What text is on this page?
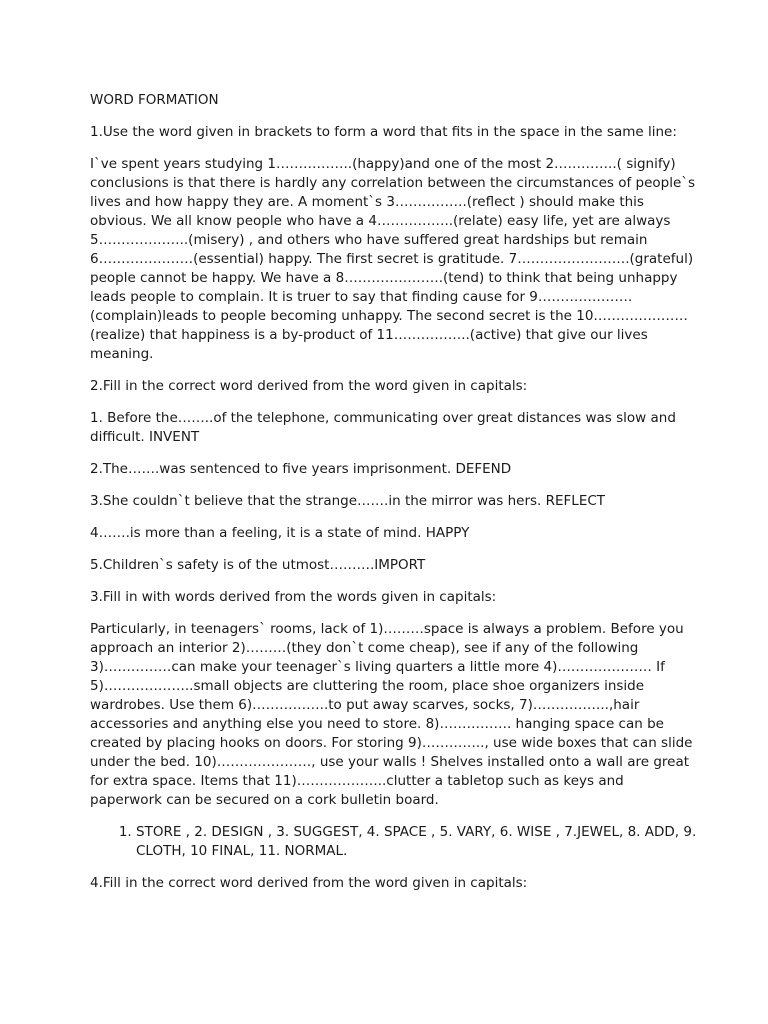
WORD FORMATION

1.Use the word given in brackets to form a word that fits in the space in the same line:

I`ve spent years studying 1……………..(happy)and one of the most 2…………..( signify) conclusions is that there is hardly any correlation between the circumstances of people`s lives and how happy they are. A moment`s 3…………….(reflect ) should make this obvious. We all know people who have a 4……………..(relate) easy life, yet are always 5………………..(misery) , and others who have suffered great hardships but remain 6…………………(essential) happy. The first secret is gratitude. 7…………………….(grateful) people cannot be happy. We have a 8………………….(tend) to think that being unhappy leads people to complain. It is truer to say that finding cause for 9…………………(complain)leads to people becoming unhappy. The second secret is the 10…………………(realize) that happiness is a by-product of 11……………..(active) that give our lives meaning.

2.Fill in the correct word derived from the word given in capitals:

1. Before the……..of the telephone, communicating over great distances was slow and difficult. INVENT

2.The…….was sentenced to five years imprisonment. DEFEND

3.She couldn`t believe that the strange…….in the mirror was hers. REFLECT

4…….is more than a feeling, it is a state of mind. HAPPY

5.Children`s safety is of the utmost……….IMPORT

3.Fill in with words derived from the words given in capitals:

Particularly, in teenagers` rooms, lack of 1)………space is always a problem. Before you approach an interior 2)………(they don`t come cheap), see if any of the following 3)……………can make your teenager`s living quarters a little more 4)………………… If 5)………………..small objects are cluttering the room, place shoe organizers inside wardrobes. Use them 6)……………..to put away scarves, socks, 7)……………..,hair accessories and anything else you need to store. 8)……………. hanging space can be created by placing hooks on doors. For storing 9)………….., use wide boxes that can slide under the bed. 10)…………………, use your walls ! Shelves installed onto a wall are great for extra space. Items that 11)………………..clutter a tabletop such as keys and paperwork can be secured on a cork bulletin board.

1. STORE , 2. DESIGN , 3. SUGGEST, 4. SPACE , 5. VARY, 6. WISE , 7.JEWEL, 8. ADD, 9. CLOTH, 10 FINAL, 11. NORMAL.

4.Fill in the correct word derived from the word given in capitals:
